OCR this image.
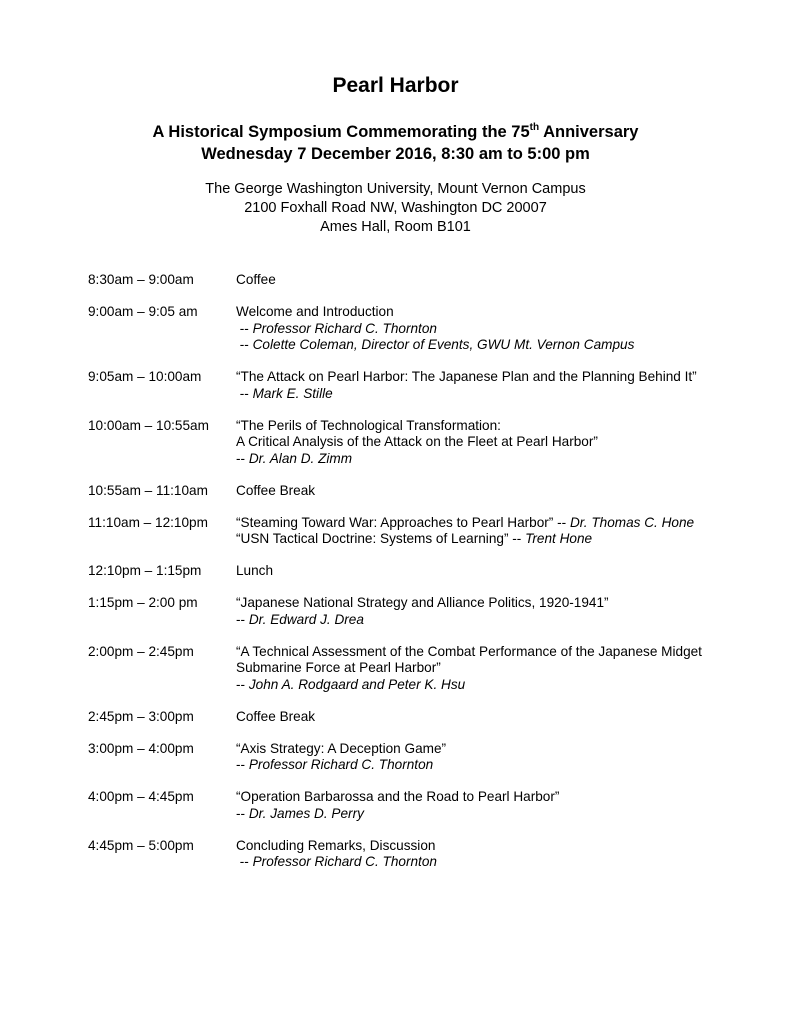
Pearl Harbor
A Historical Symposium Commemorating the 75th Anniversary
Wednesday 7 December 2016, 8:30 am to 5:00 pm
The George Washington University, Mount Vernon Campus
2100 Foxhall Road NW, Washington DC 20007
Ames Hall, Room B101
8:30am – 9:00am	Coffee
9:00am – 9:05 am	Welcome and Introduction
-- Professor Richard C. Thornton
-- Colette Coleman, Director of Events, GWU Mt. Vernon Campus
9:05am – 10:00am	“The Attack on Pearl Harbor: The Japanese Plan and the Planning Behind It”
-- Mark E. Stille
10:00am – 10:55am	“The Perils of Technological Transformation:
A Critical Analysis of the Attack on the Fleet at Pearl Harbor”
-- Dr. Alan D. Zimm
10:55am – 11:10am	Coffee Break
11:10am – 12:10pm	“Steaming Toward War: Approaches to Pearl Harbor” -- Dr. Thomas C. Hone
“USN Tactical Doctrine: Systems of Learning” -- Trent Hone
12:10pm – 1:15pm	Lunch
1:15pm – 2:00 pm	“Japanese National Strategy and Alliance Politics, 1920-1941”
-- Dr. Edward J. Drea
2:00pm – 2:45pm	“A Technical Assessment of the Combat Performance of the Japanese Midget
Submarine Force at Pearl Harbor”
-- John A. Rodgaard and Peter K. Hsu
2:45pm – 3:00pm	Coffee Break
3:00pm – 4:00pm	“Axis Strategy: A Deception Game”
-- Professor Richard C. Thornton
4:00pm – 4:45pm	“Operation Barbarossa and the Road to Pearl Harbor”
-- Dr. James D. Perry
4:45pm – 5:00pm	Concluding Remarks, Discussion
-- Professor Richard C. Thornton
